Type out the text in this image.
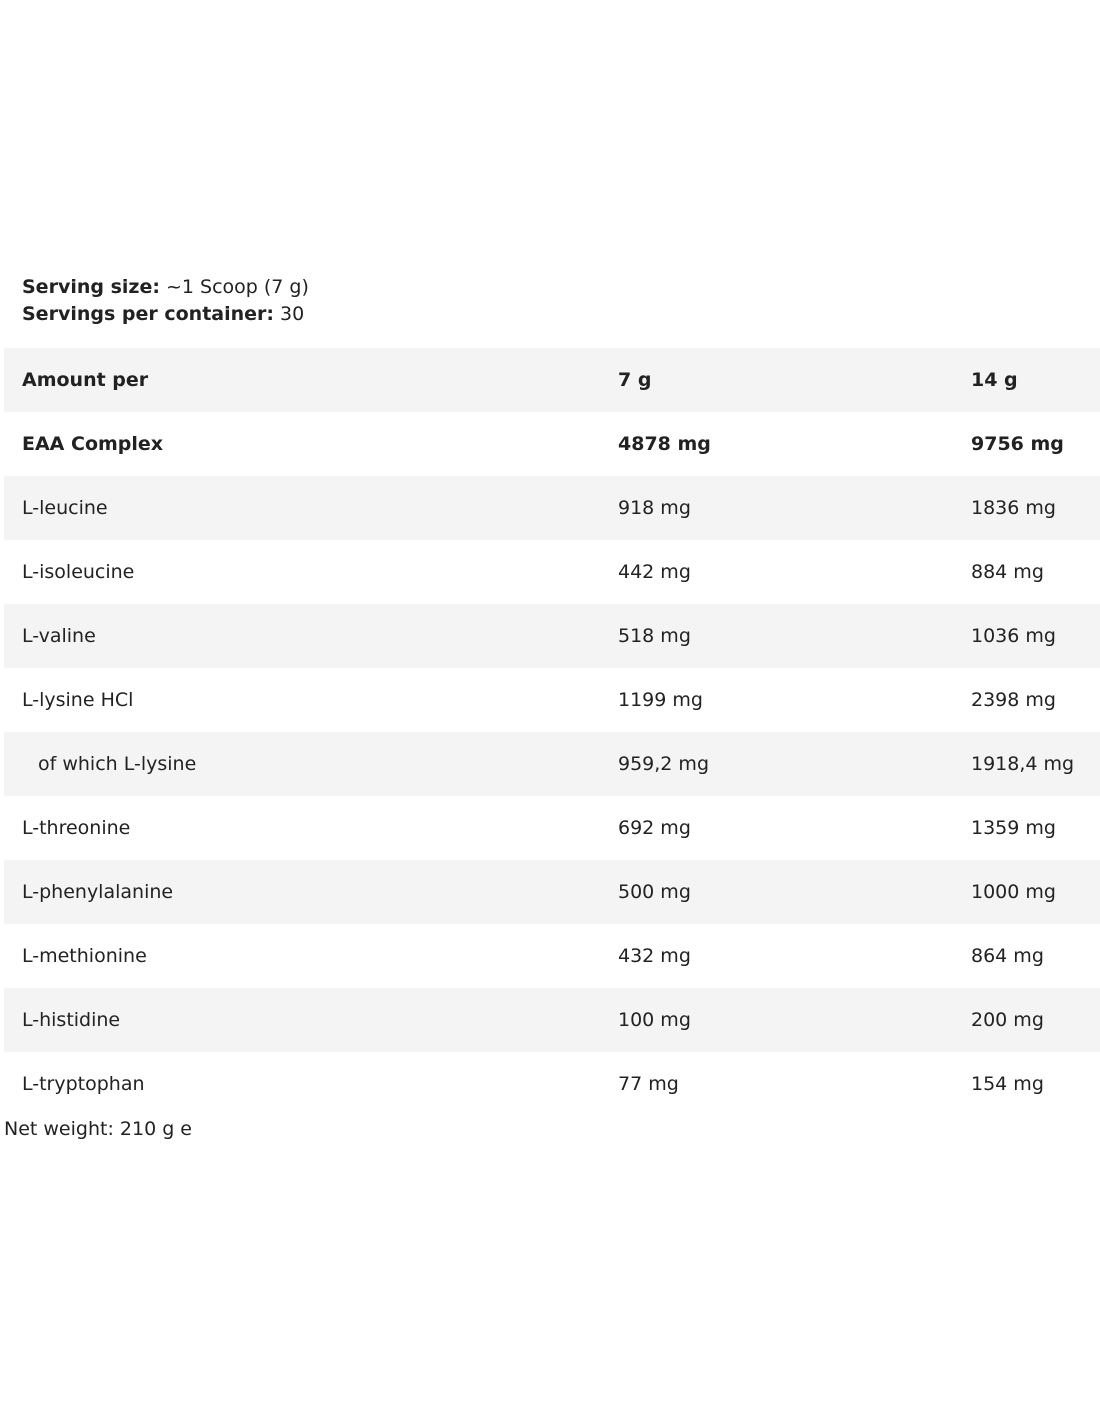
Serving size: ~1 Scoop (7 g)
Servings per container: 30
Amount per	7 g	14 g
EAA Complex	4878 mg	9756 mg
L-leucine	918 mg	1836 mg
L-isoleucine	442 mg	884 mg
L-valine	518 mg	1036 mg
L-lysine HCl	1199 mg	2398 mg
of which L-lysine	959,2 mg	1918,4 mg
L-threonine	692 mg	1359 mg
L-phenylalanine	500 mg	1000 mg
L-methionine	432 mg	864 mg
L-histidine	100 mg	200 mg
L-tryptophan	77 mg	154 mg
Net weight: 210 g е
